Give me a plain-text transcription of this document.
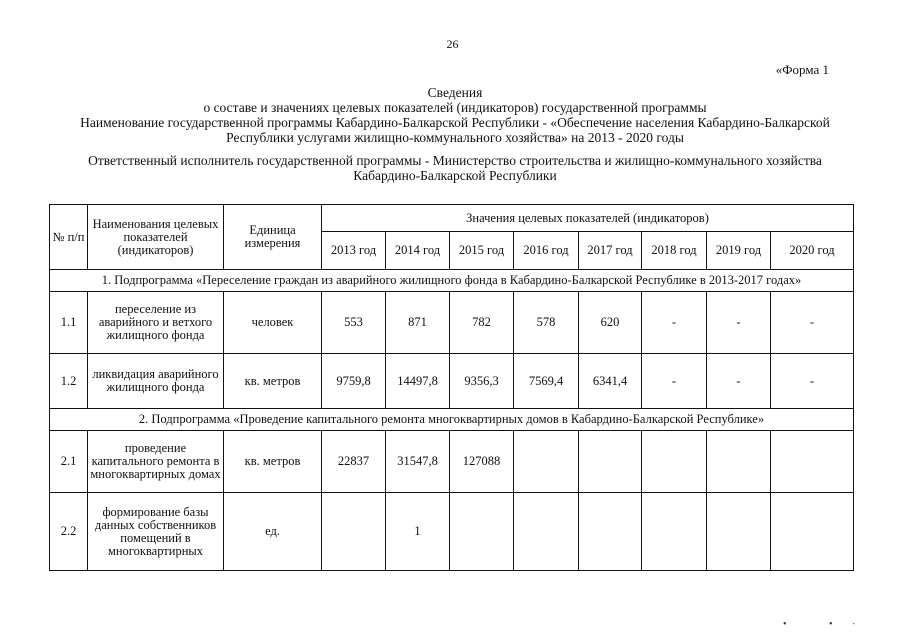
26
«Форма 1
Сведения
о составе и значениях целевых показателей (индикаторов) государственной программы
Наименование государственной программы Кабардино-Балкарской Республики - «Обеспечение населения Кабардино-Балкарской
Республики услугами жилищно-коммунального хозяйства» на 2013 - 2020 годы
Ответственный исполнитель государственной программы - Министерство строительства и жилищно-коммунального хозяйства
Кабардино-Балкарской Республики
№ п/п	Наименования целевых показателей (индикаторов)	Единица измерения	Значения целевых показателей (индикаторов)							
			2013 год	2014 год	2015 год	2016 год	2017 год	2018 год	2019 год	2020 год
1. Подпрограмма «Переселение граждан из аварийного жилищного фонда в Кабардино-Балкарской Республике в 2013-2017 годах»										
1.1	переселение из аварийного и ветхого жилищного фонда	человек	553	871	782	578	620	-	-	-
1.2	ликвидация аварийного жилищного фонда	кв. метров	9759,8	14497,8	9356,3	7569,4	6341,4	-	-	-
2. Подпрограмма «Проведение капитального ремонта многоквартирных домов в Кабардино-Балкарской Республике»										
2.1	проведение капитального ремонта в многоквартирных домах	кв. метров	22837	31547,8	127088					
2.2	формирование базы данных собственников помещений в многоквартирных	ед.		1						
• •∙
